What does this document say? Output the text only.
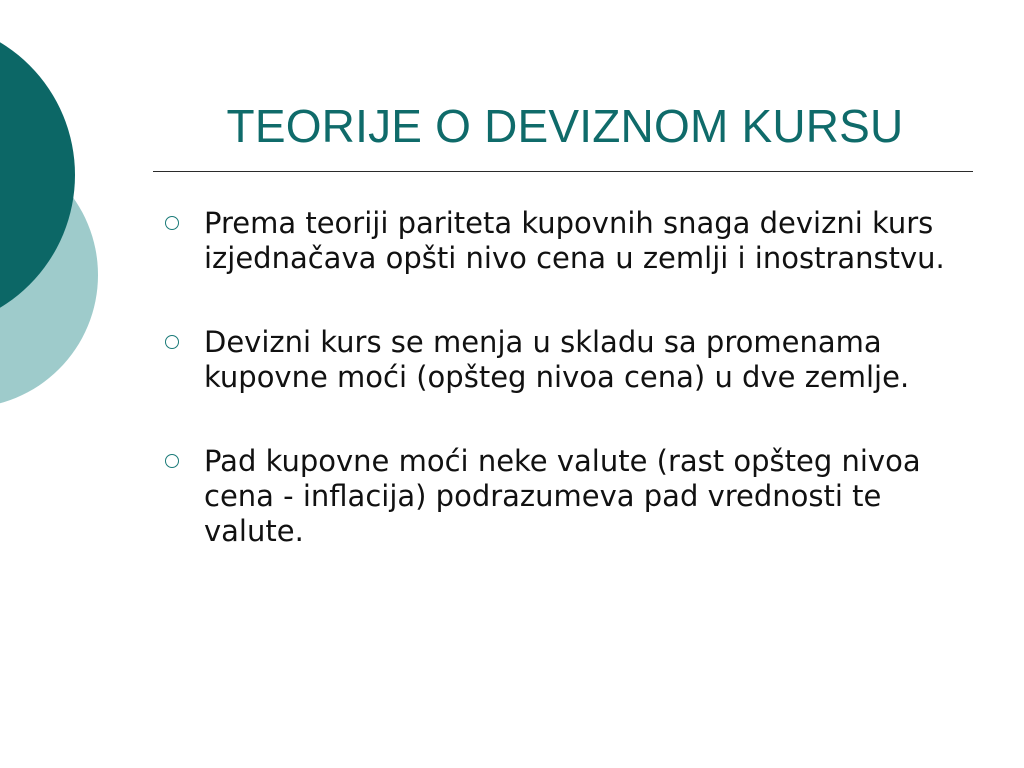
TEORIJE O DEVIZNOM KURSU
Prema teoriji pariteta kupovnih snaga devizni kurs izjednačava opšti nivo cena u zemlji i inostranstvu.
Devizni kurs se menja u skladu sa promenama kupovne moći (opšteg nivoa cena) u dve zemlje.
Pad kupovne moći neke valute (rast opšteg nivoa cena - inflacija) podrazumeva pad vrednosti te valute.
